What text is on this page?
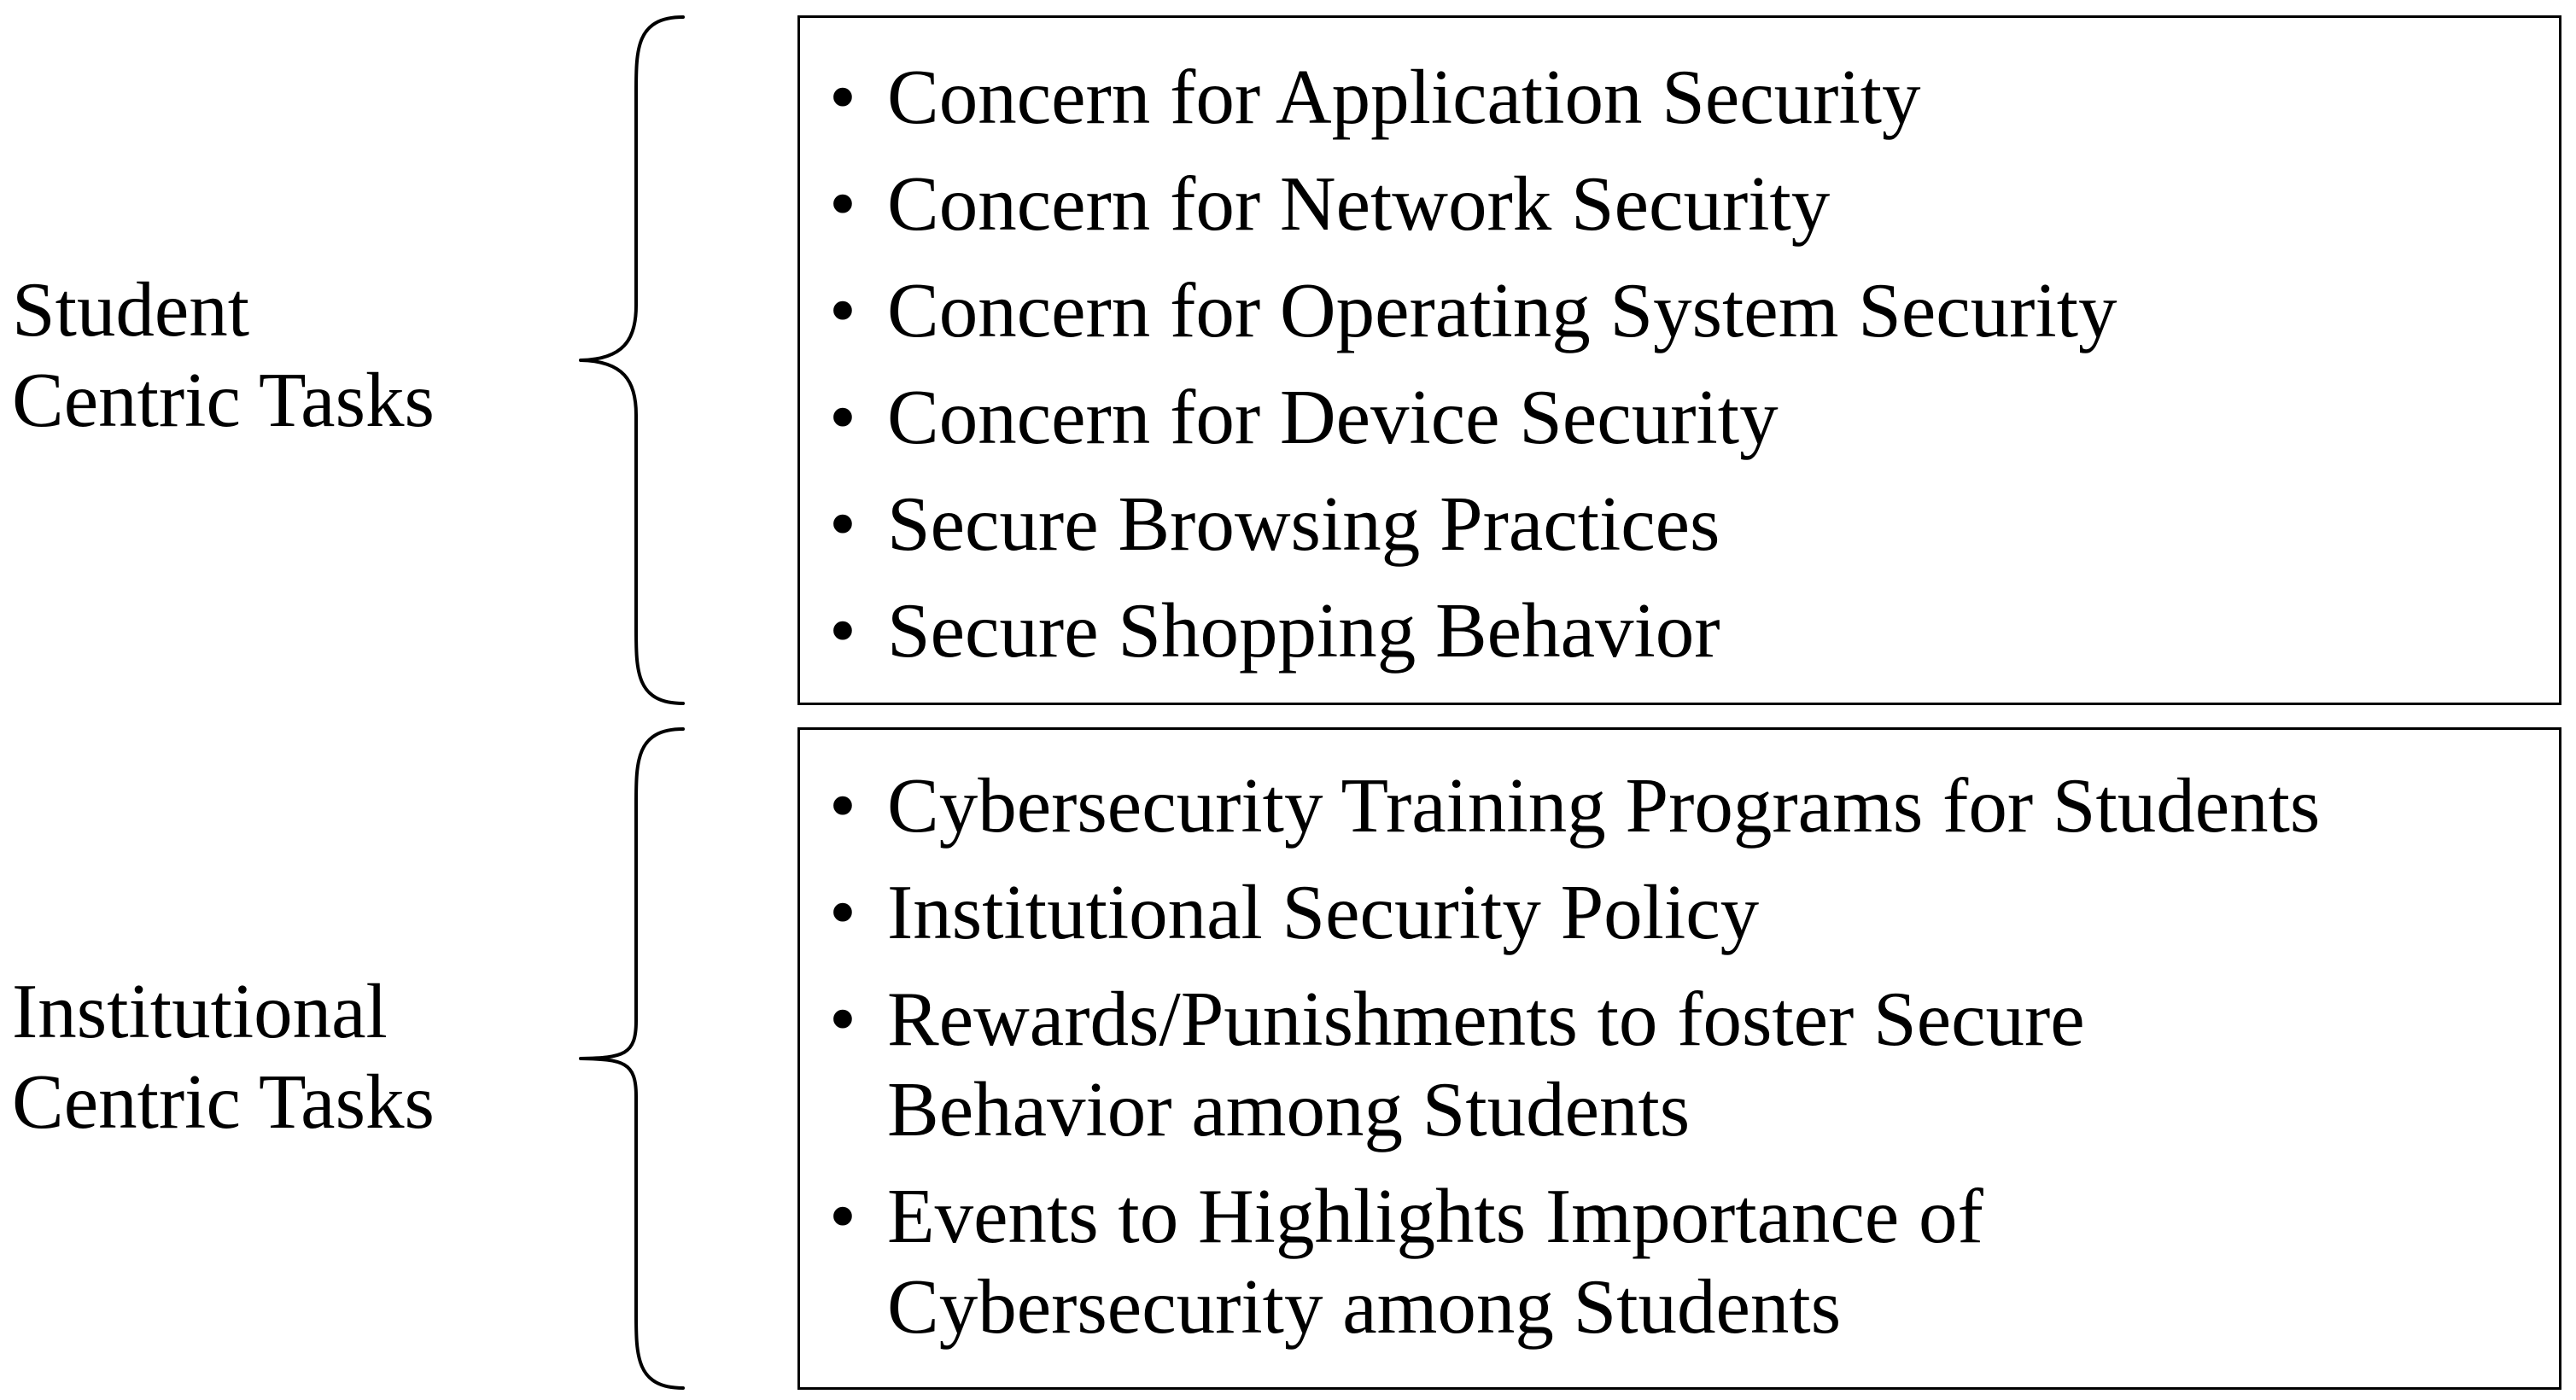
Student
Centric Tasks
• Concern for Application Security
• Concern for Network Security
• Concern for Operating System Security
• Concern for Device Security
• Secure Browsing Practices
• Secure Shopping Behavior
Institutional
Centric Tasks
• Cybersecurity Training Programs for Students
• Institutional Security Policy
• Rewards/Punishments to foster Secure
Behavior among Students
• Events to Highlights Importance of
Cybersecurity among Students
